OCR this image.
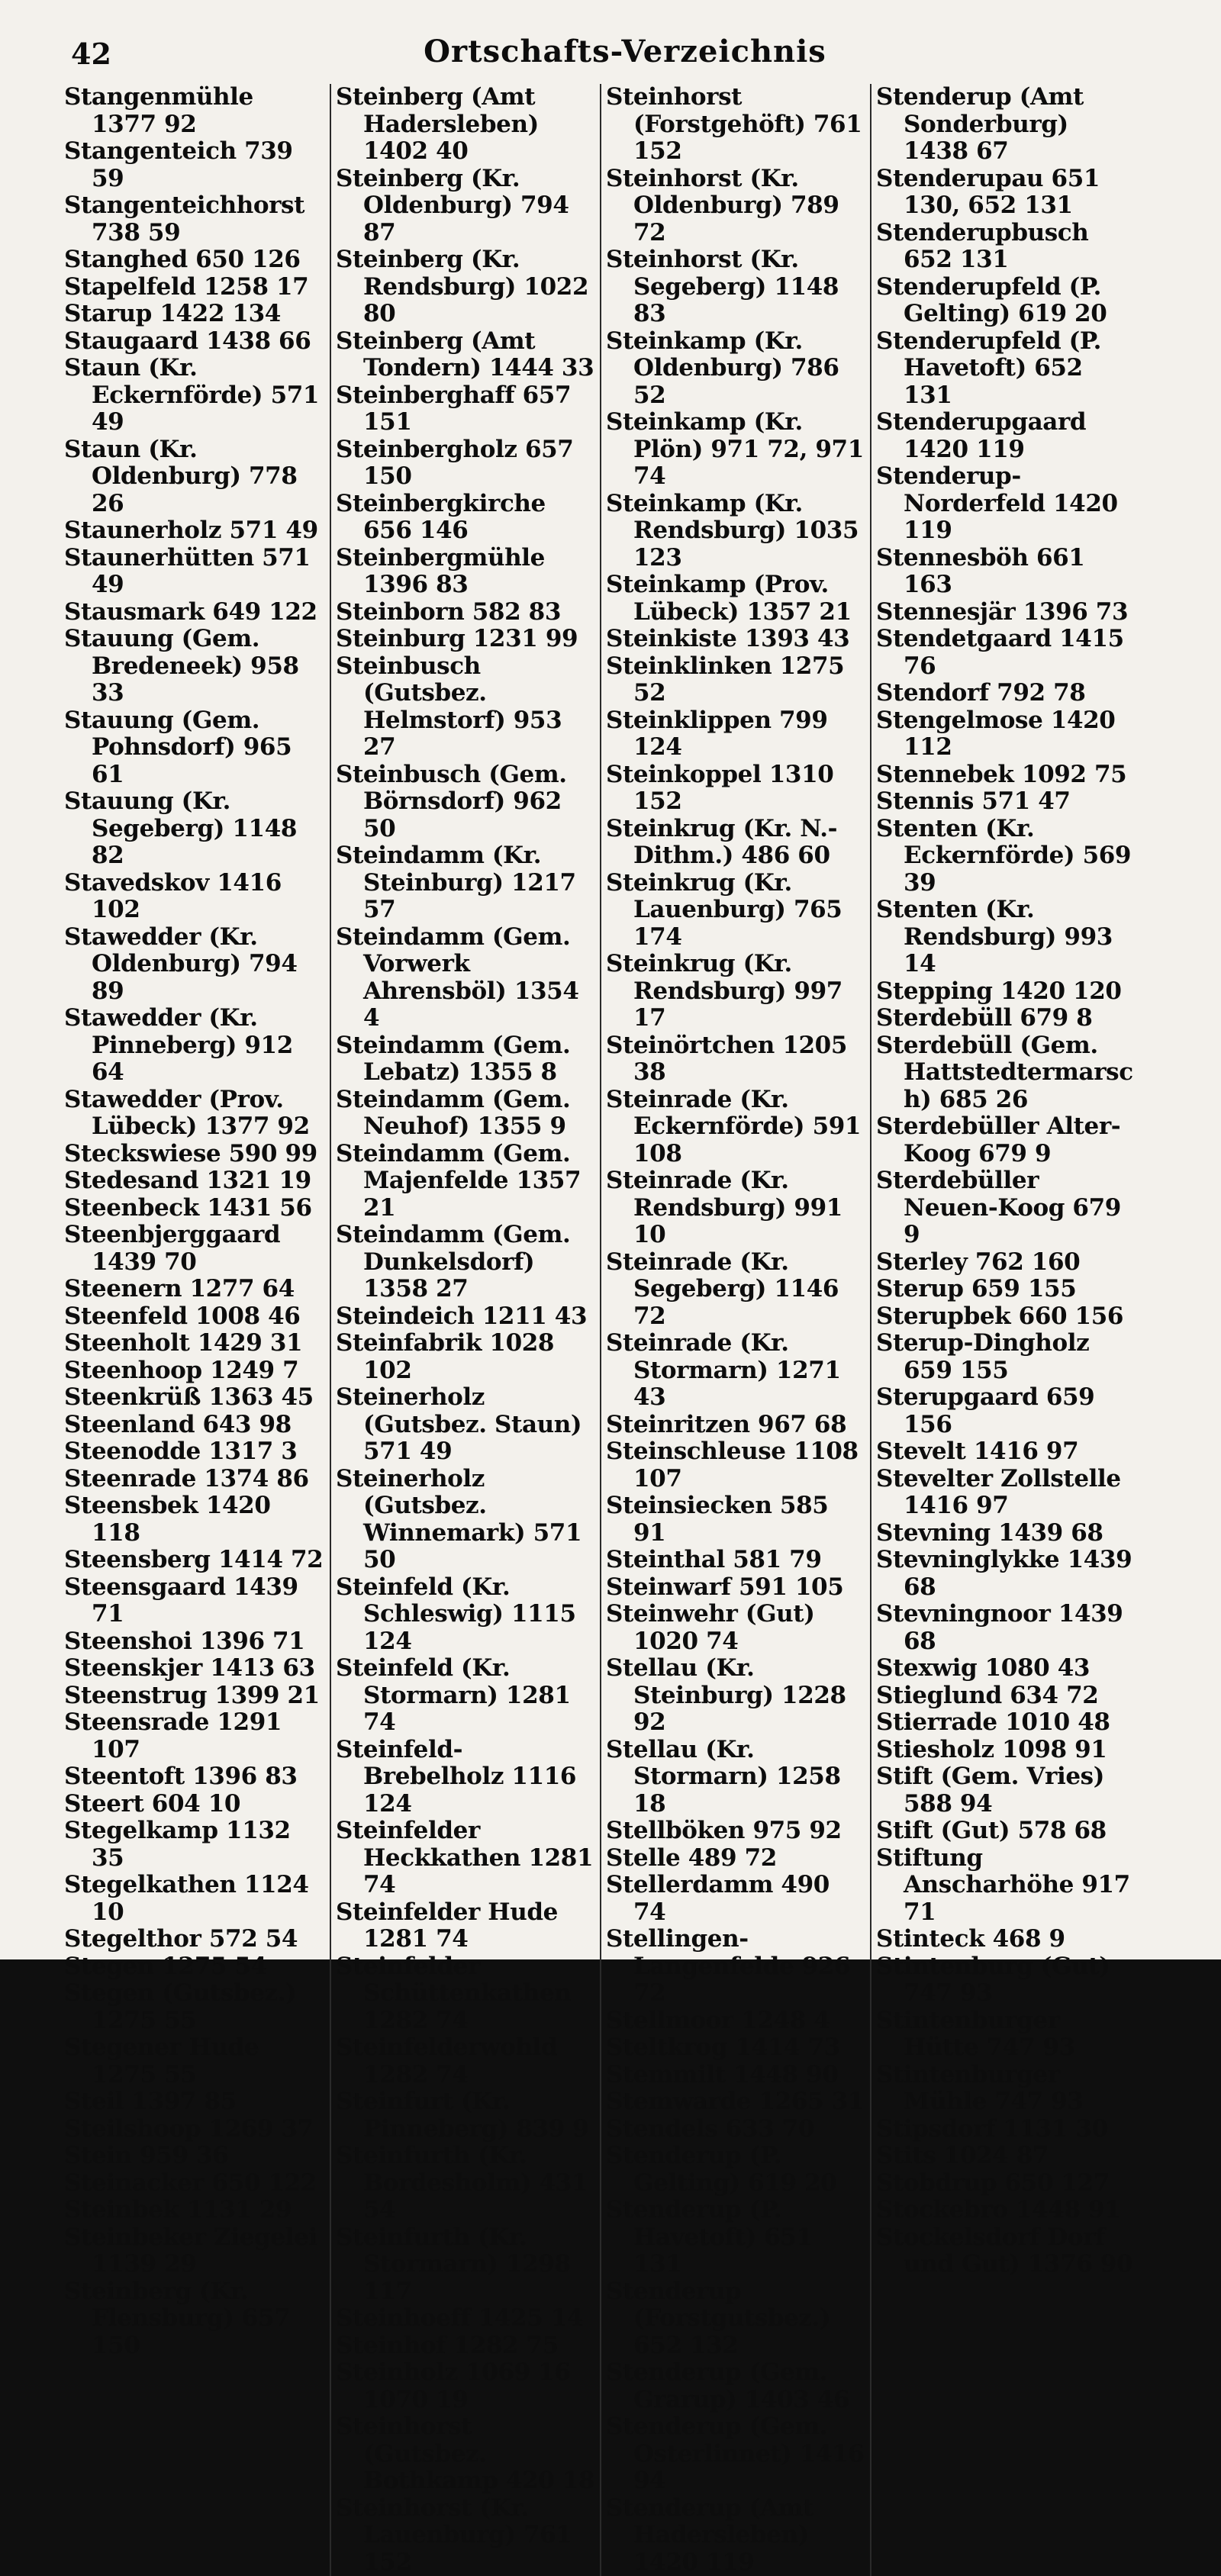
42	Ortschafts-Verzeichnis
Stangenmühle 1377 92
Stangenteich 739 59
Stangenteichhorst 738 59
Stanghed 650 126
Stapelfeld 1258 17
Starup 1422 134
Staugaard 1438 66
Staun (Kr. Eckernförde) 571 49
Staun (Kr. Oldenburg) 778 26
Staunerholz 571 49
Staunerhütten 571 49
Stausmark 649 122
Stauung (Gem. Bredeneek) 958 33
Stauung (Gem. Pohnsdorf) 965 61
Stauung (Kr. Segeberg) 1148 82
Stavedskov 1416 102
Stawedder (Kr. Oldenburg) 794 89
Stawedder (Kr. Pinneberg) 912 64
Stawedder (Prov. Lübeck) 1377 92
Steckswiese 590 99
Stedesand 1321 19
Steenbeck 1431 56
Steenbjerggaard 1439 70
Steenern 1277 64
Steenfeld 1008 46
Steenholt 1429 31
Steenhoop 1249 7
Steenkrüß 1363 45
Steenland 643 98
Steenodde 1317 3
Steenrade 1374 86
Steensbek 1420 118
Steensberg 1414 72
Steensgaard 1439 71
Steenshoi 1396 71
Steenskjer 1413 63
Steenstrug 1399 21
Steensrade 1291 107
Steentoft 1396 83
Steert 604 10
Stegelkamp 1132 35
Stegelkathen 1124 10
Stegelthor 572 54
Stegen 1275 54
Stegen (Gutsbez.) 1275 55
Stegener Hude 1275 55
Steil 1397 85
Steilshoop 1269 37
Stein 959 36
Steinacker 650 122
Steinbek 1131 29
Steinbeker Ziegelei 1139 29
Steinberg (Kr. Flensburg) 657 150
Steinberg (Amt Hadersleben) 1402 40
Steinberg (Kr. Oldenburg) 794 87
Steinberg (Kr. Rendsburg) 1022 80
Steinberg (Amt Tondern) 1444 33
Steinberghaff 657 151
Steinbergholz 657 150
Steinbergkirche 656 146
Steinbergmühle 1396 83
Steinborn 582 83
Steinburg 1231 99
Steinbusch (Gutsbez. Helmstorf) 953 27
Steinbusch (Gem. Börnsdorf) 962 50
Steindamm (Kr. Steinburg) 1217 57
Steindamm (Gem. Vorwerk Ahrensböl) 1354 4
Steindamm (Gem. Lebatz) 1355 8
Steindamm (Gem. Neuhof) 1355 9
Steindamm (Gem. Majenfelde 1357 21
Steindamm (Gem. Dunkelsdorf) 1358 27
Steindeich 1211 43
Steinfabrik 1028 102
Steinerholz (Gutsbez. Staun) 571 49
Steinerholz (Gutsbez. Winnemark) 571 50
Steinfeld (Kr. Schleswig) 1115 124
Steinfeld (Kr. Stormarn) 1281 74
Steinfeld-Brebelholz 1116 124
Steinfelder Heckkathen 1281 74
Steinfelder Hude 1281 74
Steinfelder Schüttenkathen 1282 74
Steinfelderwohld 1282 74
Steinfurt (Kr. Pinneberg) 839 9
Steinfurth (Kr. Bordesholm) 431 54
Steinfurth (Kr. Stormarn) 1298 117
Steinhoeff 1425 14
Steinhof 1282 75
Steinholz 1069 16 1070 19
Steinhorst (Gutsbez. Bothkamp 420 18
Steinhorst (Kr. Lauenburg) 761 152
Steinhorst (Forstgehöft) 761 152
Steinhorst (Kr. Oldenburg) 789 72
Steinhorst (Kr. Segeberg) 1148 83
Steinkamp (Kr. Oldenburg) 786 52
Steinkamp (Kr. Plön) 971 72, 971 74
Steinkamp (Kr. Rendsburg) 1035 123
Steinkamp (Prov. Lübeck) 1357 21
Steinkiste 1393 43
Steinklinken 1275 52
Steinklippen 799 124
Steinkoppel 1310 152
Steinkrug (Kr. N.-Dithm.) 486 60
Steinkrug (Kr. Lauenburg) 765 174
Steinkrug (Kr. Rendsburg) 997 17
Steinörtchen 1205 38
Steinrade (Kr. Eckernförde) 591 108
Steinrade (Kr. Rendsburg) 991 10
Steinrade (Kr. Segeberg) 1146 72
Steinrade (Kr. Stormarn) 1271 43
Steinritzen 967 68
Steinschleuse 1108 107
Steinsiecken 585 91
Steinthal 581 79
Steinwarf 591 105
Steinwehr (Gut) 1020 74
Stellau (Kr. Steinburg) 1228 92
Stellau (Kr. Stormarn) 1258 18
Stellböken 975 92
Stelle 489 72
Stellerdamm 490 74
Stellingen-Langenfelde 926 72
Stellmoor 1248 4
Steltkrog 1414 73
Stemmilt 1448 90
Stemwarde 1265 31
Stendels 633 70
Stenderup (P. Gelting) 619 20
Stenderup (P. Havetoft) 651 131
Stenderup (Forstgutsbez.) 652 132
Stenderup (Gem. Grarup) 1403 46
Stenderup (Gem. Osterlinnet) 1416 94
Stenderup (Amt Hadersleben) 1420 119
Stenderup (Amt Sonderburg) 1438 67
Stenderupau 651 130, 652 131
Stenderupbusch 652 131
Stenderupfeld (P. Gelting) 619 20
Stenderupfeld (P. Havetoft) 652 131
Stenderupgaard 1420 119
Stenderup-Norderfeld 1420 119
Stennesböh 661 163
Stennesjär 1396 73
Stendetgaard 1415 76
Stendorf 792 78
Stengelmose 1420 112
Stennebek 1092 75
Stennis 571 47
Stenten (Kr. Eckernförde) 569 39
Stenten (Kr. Rendsburg) 993 14
Stepping 1420 120
Sterdebüll 679 8
Sterdebüll (Gem. Hattstedtermarsch) 685 26
Sterdebüller Alter-Koog 679 9
Sterdebüller Neuen-Koog 679 9
Sterley 762 160
Sterup 659 155
Sterupbek 660 156
Sterup-Dingholz 659 155
Sterupgaard 659 156
Stevelt 1416 97
Stevelter Zollstelle 1416 97
Stevning 1439 68
Stevninglykke 1439 68
Stevningnoor 1439 68
Stexwig 1080 43
Stieglund 634 72
Stierrade 1010 48
Stiesholz 1098 91
Stift (Gem. Vries) 588 94
Stift (Gut) 578 68
Stiftung Anscharhöhe 917 71
Stinteck 468 9
Stintenburg (Gut) 747 93
Stintenburger Hütte 747 93
Stintenburger Mühle 747 93
Stipsdorf 1131 30
Stits 1024 87
Stobdrup 650 127
Stockebro 1448 91
Stockelsdorf Dorf und Gut) 1376 90
